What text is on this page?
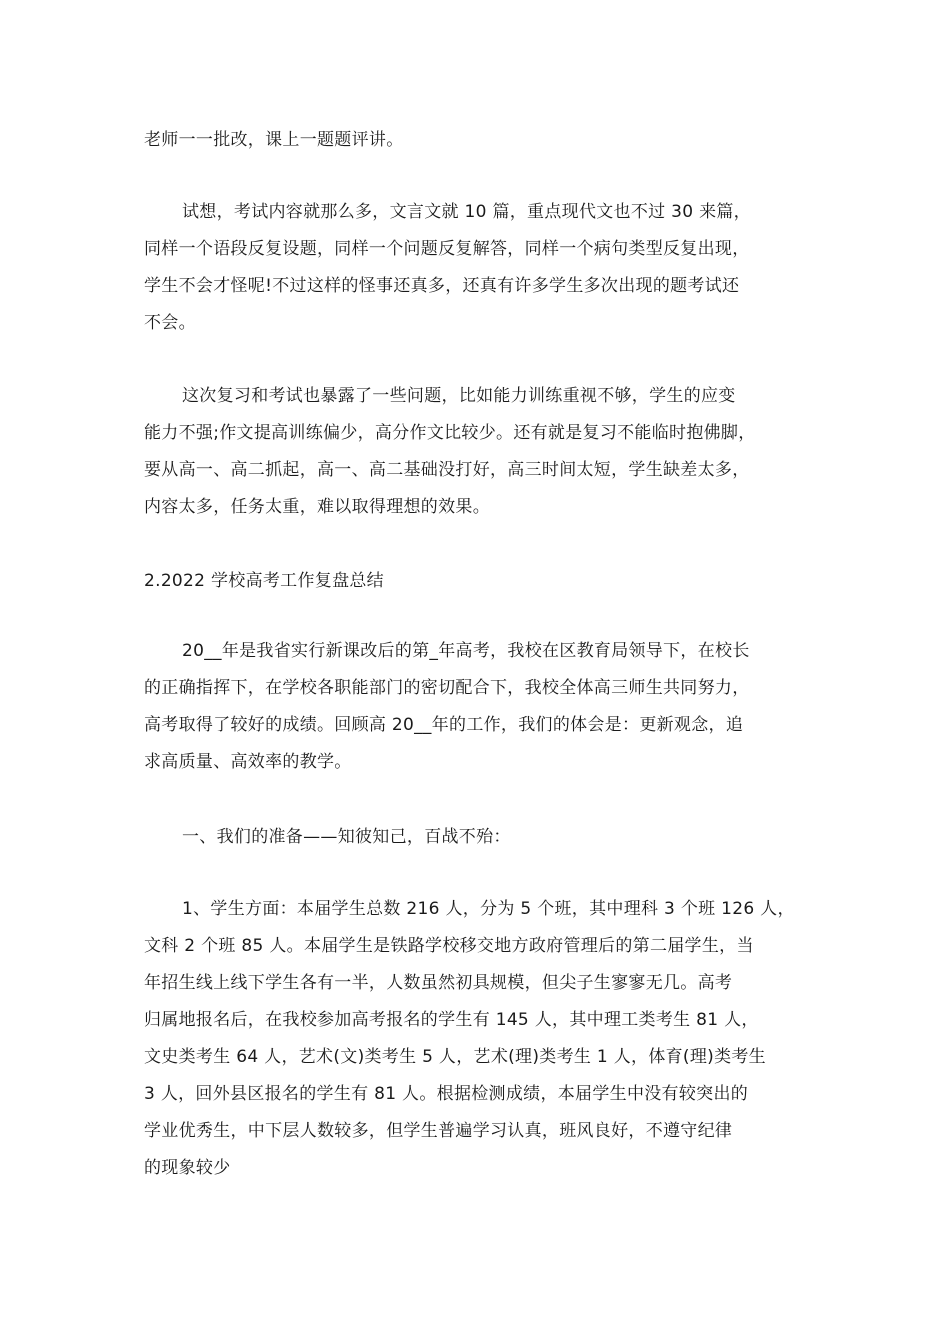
老师一一批改，课上一题题评讲。
试想，考试内容就那么多，文言文就 10 篇，重点现代文也不过 30 来篇，
同样一个语段反复设题，同样一个问题反复解答，同样一个病句类型反复出现，
学生不会才怪呢!不过这样的怪事还真多，还真有许多学生多次出现的题考试还
不会。
这次复习和考试也暴露了一些问题，比如能力训练重视不够，学生的应变
能力不强;作文提高训练偏少，高分作文比较少。还有就是复习不能临时抱佛脚，
要从高一、高二抓起，高一、高二基础没打好，高三时间太短，学生缺差太多，
内容太多，任务太重，难以取得理想的效果。
2.2022 学校高考工作复盘总结
20__年是我省实行新课改后的第_年高考，我校在区教育局领导下，在校长
的正确指挥下，在学校各职能部门的密切配合下，我校全体高三师生共同努力，
高考取得了较好的成绩。回顾高 20__年的工作，我们的体会是：更新观念，追
求高质量、高效率的教学。
一、我们的准备——知彼知己，百战不殆：
1、学生方面：本届学生总数 216 人，分为 5 个班，其中理科 3 个班 126 人，
文科 2 个班 85 人。本届学生是铁路学校移交地方政府管理后的第二届学生，当
年招生线上线下学生各有一半，人数虽然初具规模，但尖子生寥寥无几。高考
归属地报名后，在我校参加高考报名的学生有 145 人，其中理工类考生 81 人，
文史类考生 64 人，艺术(文)类考生 5 人，艺术(理)类考生 1 人，体育(理)类考生
3 人，回外县区报名的学生有 81 人。根据检测成绩，本届学生中没有较突出的
学业优秀生，中下层人数较多，但学生普遍学习认真，班风良好，不遵守纪律
的现象较少
